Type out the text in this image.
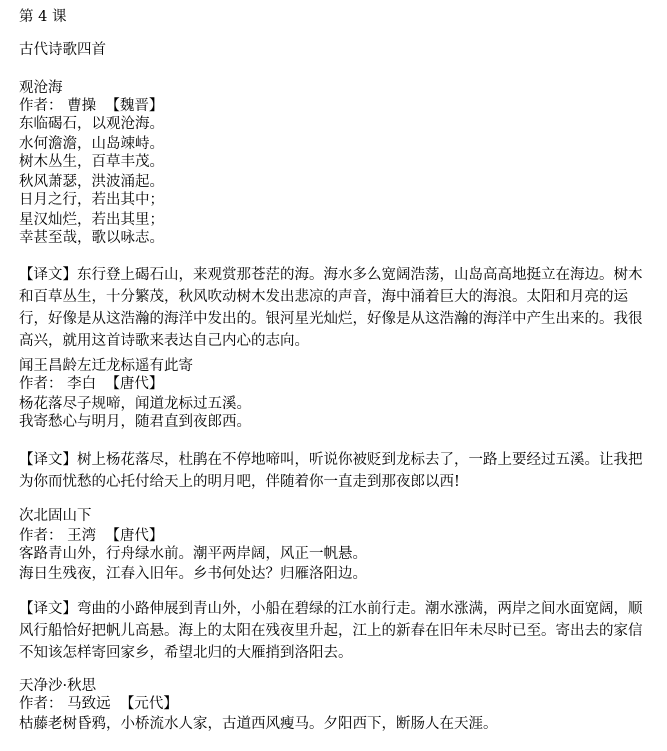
第 4 课

古代诗歌四首

观沧海

作者： 曹操 【魏晋】

东临碣石，以观沧海。

水何澹澹，山岛竦峙。

树木丛生，百草丰茂。

秋风萧瑟，洪波涌起。

日月之行，若出其中；

星汉灿烂，若出其里；

幸甚至哉，歌以咏志。

【译文】东行登上碣石山，来观赏那苍茫的海。海水多么宽阔浩荡，山岛高高地挺立在海边。树木和百草丛生，十分繁茂，秋风吹动树木发出悲凉的声音，海中涌着巨大的海浪。太阳和月亮的运行，好像是从这浩瀚的海洋中发出的。银河星光灿烂，好像是从这浩瀚的海洋中产生出来的。我很高兴，就用这首诗歌来表达自己内心的志向。

闻王昌龄左迁龙标遥有此寄

作者： 李白 【唐代】

杨花落尽子规啼，闻道龙标过五溪。

我寄愁心与明月，随君直到夜郎西。

【译文】树上杨花落尽，杜鹃在不停地啼叫，听说你被贬到龙标去了，一路上要经过五溪。让我把为你而忧愁的心托付给天上的明月吧，伴随着你一直走到那夜郎以西!

次北固山下

作者： 王湾 【唐代】

客路青山外，行舟绿水前。潮平两岸阔，风正一帆悬。

海日生残夜，江春入旧年。乡书何处达？归雁洛阳边。

【译文】弯曲的小路伸展到青山外，小船在碧绿的江水前行走。潮水涨满，两岸之间水面宽阔，顺风行船恰好把帆儿高悬。海上的太阳在残夜里升起，江上的新春在旧年未尽时已至。寄出去的家信不知该怎样寄回家乡，希望北归的大雁捎到洛阳去。

天净沙·秋思

作者： 马致远 【元代】

枯藤老树昏鸦，小桥流水人家，古道西风瘦马。夕阳西下，断肠人在天涯。
